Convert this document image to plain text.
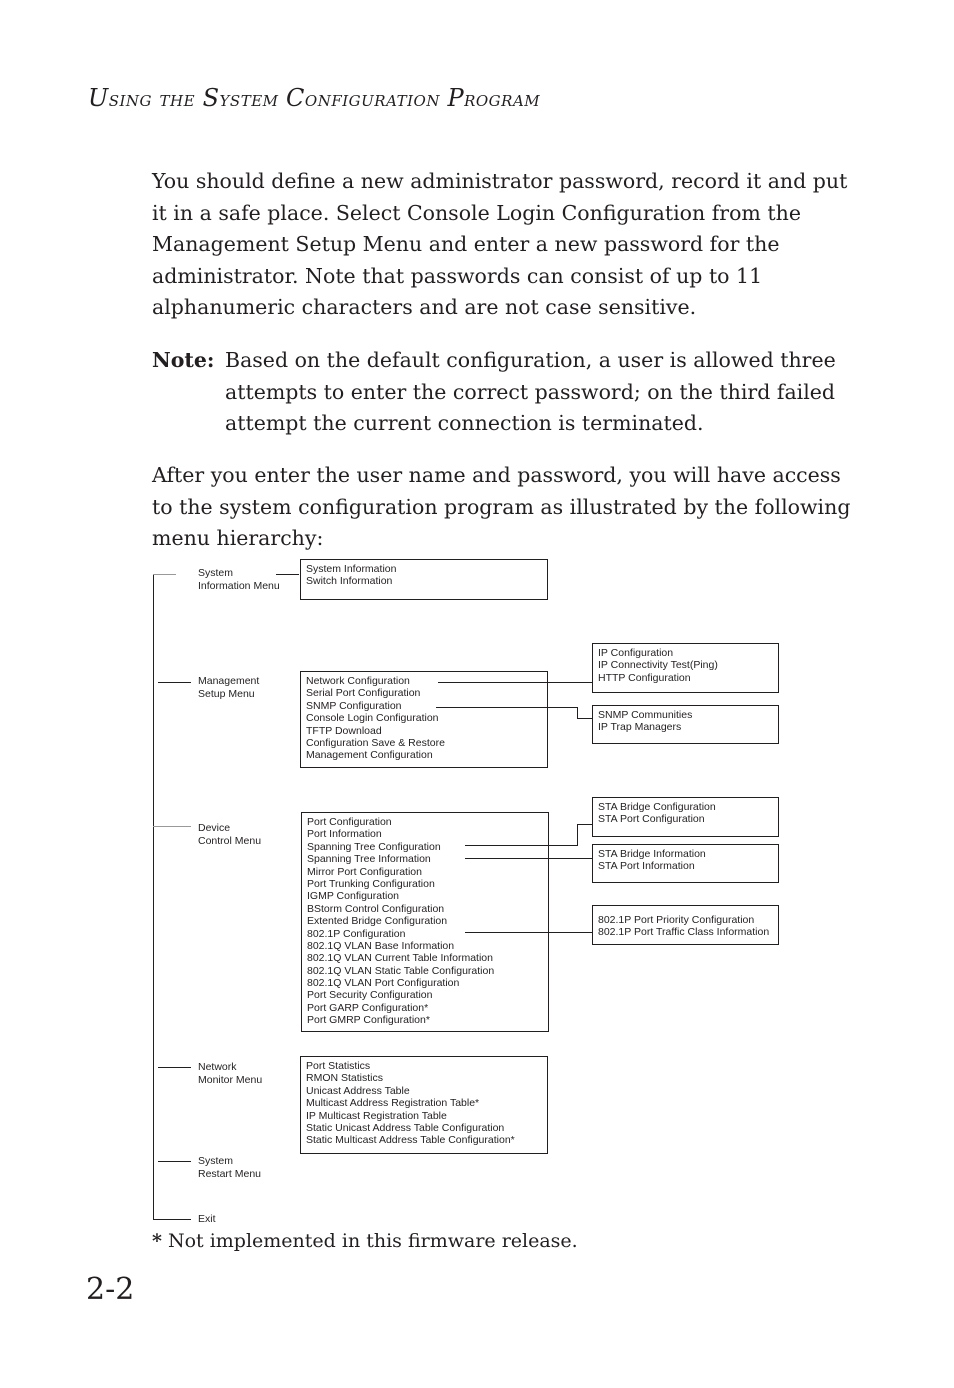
Using the System Configuration Program

You should define a new administrator password, record it and put it in a safe place. Select Console Login Configuration from the Management Setup Menu and enter a new password for the administrator. Note that passwords can consist of up to 11 alphanumeric characters and are not case sensitive.

Note: Based on the default configuration, a user is allowed three attempts to enter the correct password; on the third failed attempt the current connection is terminated.

After you enter the user name and password, you will have access to the system configuration program as illustrated by the following menu hierarchy:

System
Information Menu
Management
Setup Menu
Device
Control Menu
Network
Monitor Menu
System
Restart Menu
Exit
System Information
Switch Information
Network Configuration
Serial Port Configuration
SNMP Configuration
Console Login Configuration
TFTP Download
Configuration Save & Restore
Management Configuration
IP Configuration
IP Connectivity Test(Ping)
HTTP Configuration
SNMP Communities
IP Trap Managers
Port Configuration
Port Information
Spanning Tree Configuration
Spanning Tree Information
Mirror Port Configuration
Port Trunking Configuration
IGMP Configuration
BStorm Control Configuration
Extented Bridge Configuration
802.1P Configuration
802.1Q VLAN Base Information
802.1Q VLAN Current Table Information
802.1Q VLAN Static Table Configuration
802.1Q VLAN Port Configuration
Port Security Configuration
Port GARP Configuration*
Port GMRP Configuration*
STA Bridge Configuration
STA Port Configuration
STA Bridge Information
STA Port Information
802.1P Port Priority Configuration
802.1P Port Traffic Class Information
Port Statistics
RMON Statistics
Unicast Address Table
Multicast Address Registration Table*
IP Multicast Registration Table
Static Unicast Address Table Configuration
Static Multicast Address Table Configuration*
* Not implemented in this firmware release.
2-2
